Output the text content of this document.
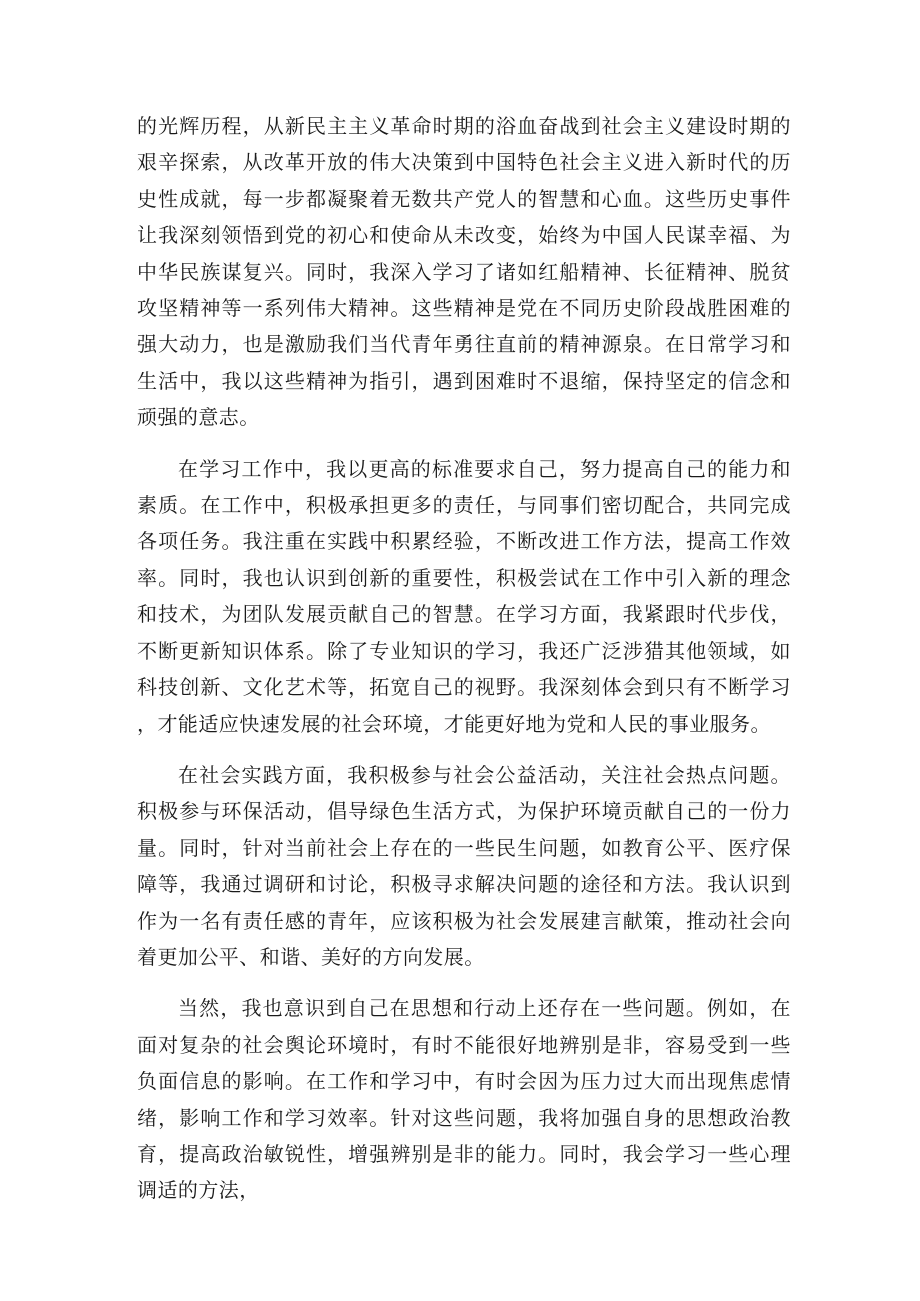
的光辉历程，从新民主主义革命时期的浴血奋战到社会主义建设时期的艰辛探索，从改革开放的伟大决策到中国特色社会主义进入新时代的历史性成就，每一步都凝聚着无数共产党人的智慧和心血。这些历史事件让我深刻领悟到党的初心和使命从未改变，始终为中国人民谋幸福、为中华民族谋复兴。同时，我深入学习了诸如红船精神、长征精神、脱贫攻坚精神等一系列伟大精神。这些精神是党在不同历史阶段战胜困难的强大动力，也是激励我们当代青年勇往直前的精神源泉。在日常学习和生活中，我以这些精神为指引，遇到困难时不退缩，保持坚定的信念和顽强的意志。

在学习工作中，我以更高的标准要求自己，努力提高自己的能力和素质。在工作中，积极承担更多的责任，与同事们密切配合，共同完成各项任务。我注重在实践中积累经验，不断改进工作方法，提高工作效率。同时，我也认识到创新的重要性，积极尝试在工作中引入新的理念和技术，为团队发展贡献自己的智慧。在学习方面，我紧跟时代步伐，不断更新知识体系。除了专业知识的学习，我还广泛涉猎其他领域，如科技创新、文化艺术等，拓宽自己的视野。我深刻体会到只有不断学习，才能适应快速发展的社会环境，才能更好地为党和人民的事业服务。

在社会实践方面，我积极参与社会公益活动，关注社会热点问题。积极参与环保活动，倡导绿色生活方式，为保护环境贡献自己的一份力量。同时，针对当前社会上存在的一些民生问题，如教育公平、医疗保障等，我通过调研和讨论，积极寻求解决问题的途径和方法。我认识到作为一名有责任感的青年，应该积极为社会发展建言献策，推动社会向着更加公平、和谐、美好的方向发展。

当然，我也意识到自己在思想和行动上还存在一些问题。例如，在面对复杂的社会舆论环境时，有时不能很好地辨别是非，容易受到一些负面信息的影响。在工作和学习中，有时会因为压力过大而出现焦虑情绪，影响工作和学习效率。针对这些问题，我将加强自身的思想政治教育，提高政治敏锐性，增强辨别是非的能力。同时，我会学习一些心理调适的方法，
